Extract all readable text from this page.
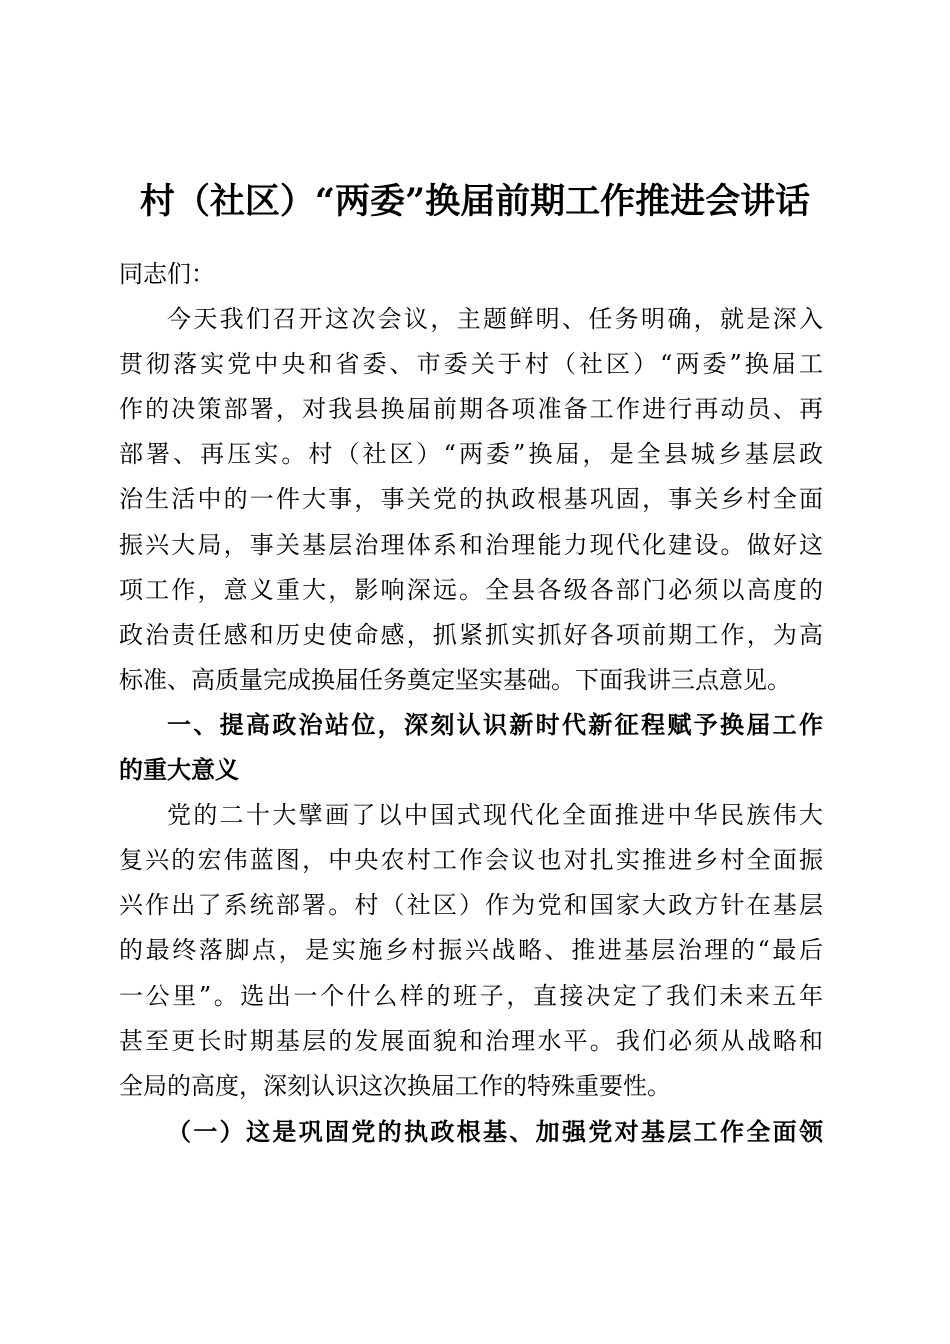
村（社区）“两委”换届前期工作推进会讲话
同志们：
今天我们召开这次会议，主题鲜明、任务明确，就是深入
贯彻落实党中央和省委、市委关于村（社区）“两委”换届工
作的决策部署，对我县换届前期各项准备工作进行再动员、再
部署、再压实。村（社区）“两委”换届，是全县城乡基层政
治生活中的一件大事，事关党的执政根基巩固，事关乡村全面
振兴大局，事关基层治理体系和治理能力现代化建设。做好这
项工作，意义重大，影响深远。全县各级各部门必须以高度的
政治责任感和历史使命感，抓紧抓实抓好各项前期工作，为高
标准、高质量完成换届任务奠定坚实基础。下面我讲三点意见。
一、提高政治站位，深刻认识新时代新征程赋予换届工作
的重大意义
党的二十大擘画了以中国式现代化全面推进中华民族伟大
复兴的宏伟蓝图，中央农村工作会议也对扎实推进乡村全面振
兴作出了系统部署。村（社区）作为党和国家大政方针在基层
的最终落脚点，是实施乡村振兴战略、推进基层治理的“最后
一公里”。选出一个什么样的班子，直接决定了我们未来五年
甚至更长时期基层的发展面貌和治理水平。我们必须从战略和
全局的高度，深刻认识这次换届工作的特殊重要性。
（一）这是巩固党的执政根基、加强党对基层工作全面领
